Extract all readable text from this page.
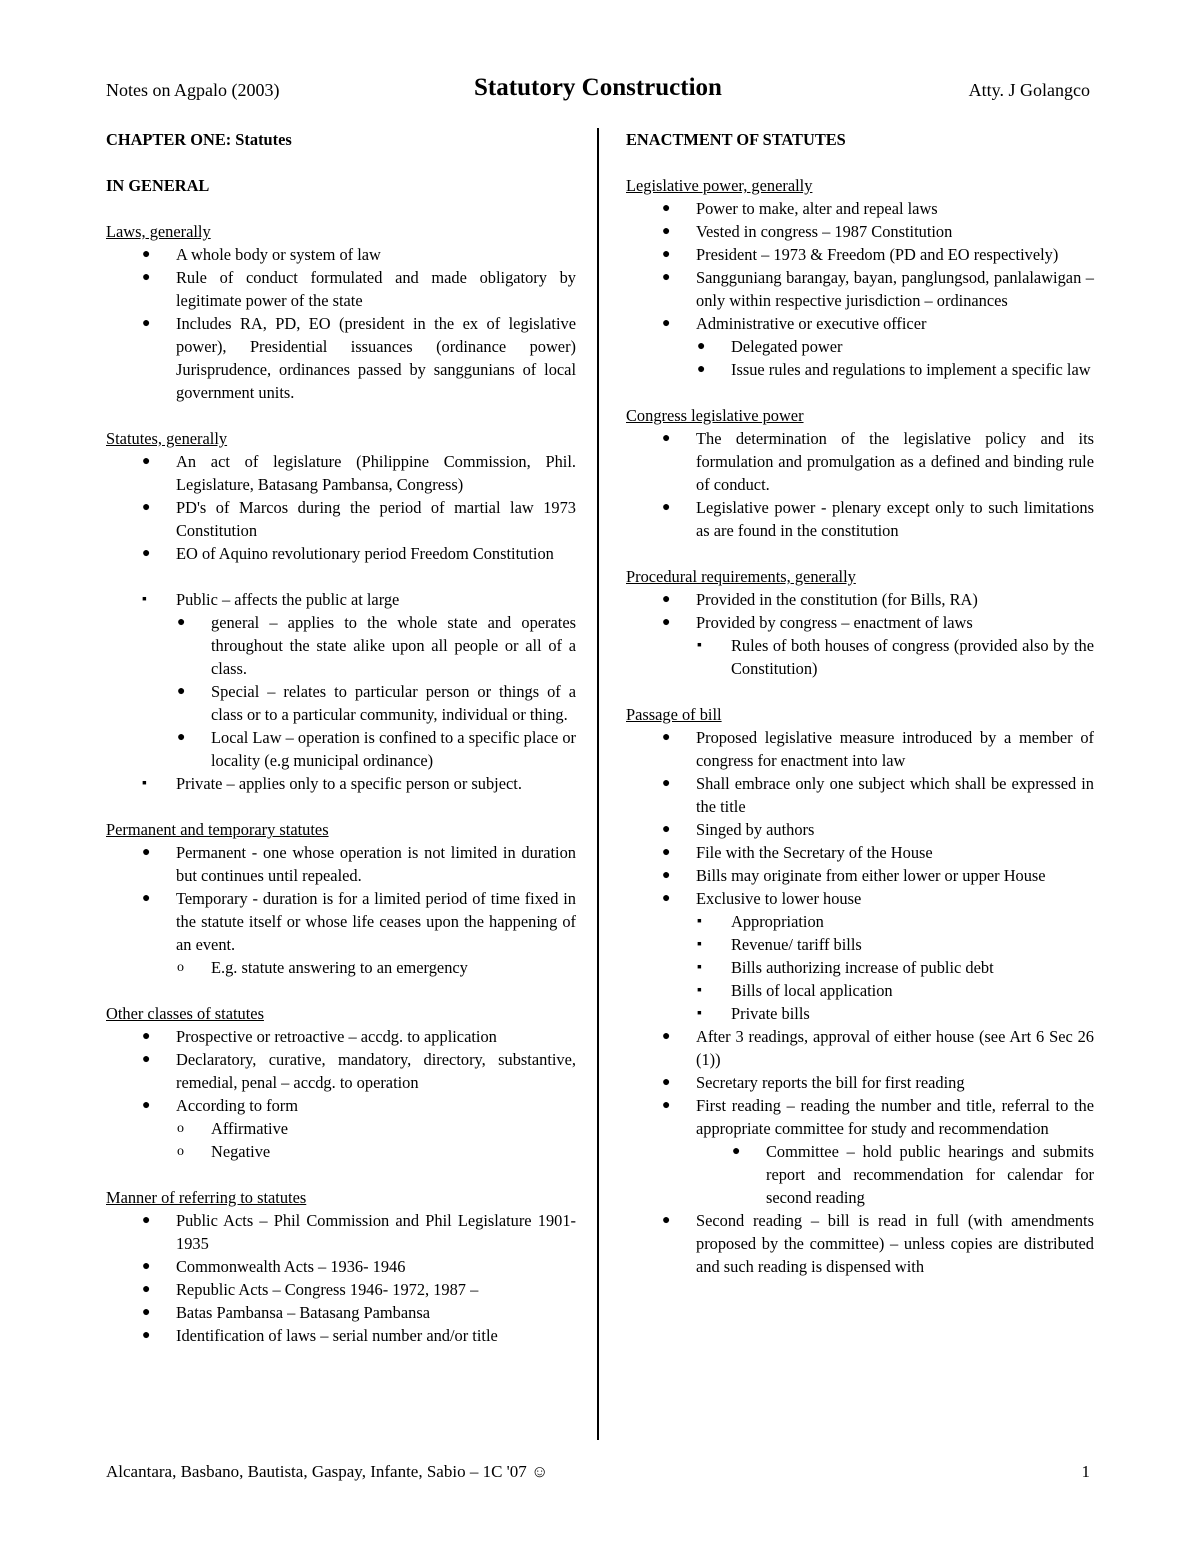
Notes on Agpalo (2003)	Statutory Construction	Atty. J Golangco
CHAPTER ONE: Statutes
IN GENERAL
Laws, generally
● A whole body or system of law
● Rule of conduct formulated and made obligatory by legitimate power of the state
● Includes RA, PD, EO (president in the ex of legislative power), Presidential issuances (ordinance power) Jurisprudence, ordinances passed by sanggunians of local government units.
Statutes, generally
● An act of legislature (Philippine Commission, Phil. Legislature, Batasang Pambansa, Congress)
● PD's of Marcos during the period of martial law 1973 Constitution
● EO of Aquino revolutionary period Freedom Constitution
▪ Public – affects the public at large
● general – applies to the whole state and operates throughout the state alike upon all people or all of a class.
● Special – relates to particular person or things of a class or to a particular community, individual or thing.
● Local Law – operation is confined to a specific place or locality (e.g municipal ordinance)
▪ Private – applies only to a specific person or subject.
Permanent and temporary statutes
● Permanent - one whose operation is not limited in duration but continues until repealed.
● Temporary - duration is for a limited period of time fixed in the statute itself or whose life ceases upon the happening of an event.
o E.g. statute answering to an emergency
Other classes of statutes
● Prospective or retroactive – accdg. to application
● Declaratory, curative, mandatory, directory, substantive, remedial, penal – accdg. to operation
● According to form
o Affirmative
o Negative
Manner of referring to statutes
● Public Acts – Phil Commission and Phil Legislature 1901- 1935
● Commonwealth Acts – 1936- 1946
● Republic Acts – Congress 1946- 1972, 1987 –
● Batas Pambansa – Batasang Pambansa
● Identification of laws – serial number and/or title
ENACTMENT OF STATUTES
Legislative power, generally
● Power to make, alter and repeal laws
● Vested in congress – 1987 Constitution
● President – 1973 & Freedom (PD and EO respectively)
● Sangguniang barangay, bayan, panglungsod, panlalawigan – only within respective jurisdiction – ordinances
● Administrative or executive officer
● Delegated power
● Issue rules and regulations to implement a specific law
Congress legislative power
● The determination of the legislative policy and its formulation and promulgation as a defined and binding rule of conduct.
● Legislative power - plenary except only to such limitations as are found in the constitution
Procedural requirements, generally
● Provided in the constitution (for Bills, RA)
● Provided by congress – enactment of laws
▪ Rules of both houses of congress (provided also by the Constitution)
Passage of bill
● Proposed legislative measure introduced by a member of congress for enactment into law
● Shall embrace only one subject which shall be expressed in the title
● Singed by authors
● File with the Secretary of the House
● Bills may originate from either lower or upper House
● Exclusive to lower house
▪ Appropriation
▪ Revenue/ tariff bills
▪ Bills authorizing increase of public debt
▪ Bills of local application
▪ Private bills
● After 3 readings, approval of either house (see Art 6 Sec 26 (1))
● Secretary reports the bill for first reading
● First reading – reading the number and title, referral to the appropriate committee for study and recommendation
● Committee – hold public hearings and submits report and recommendation for calendar for second reading
● Second reading – bill is read in full (with amendments proposed by the committee) – unless copies are distributed and such reading is dispensed with
Alcantara, Basbano, Bautista, Gaspay, Infante, Sabio – 1C '07 ☺	1
